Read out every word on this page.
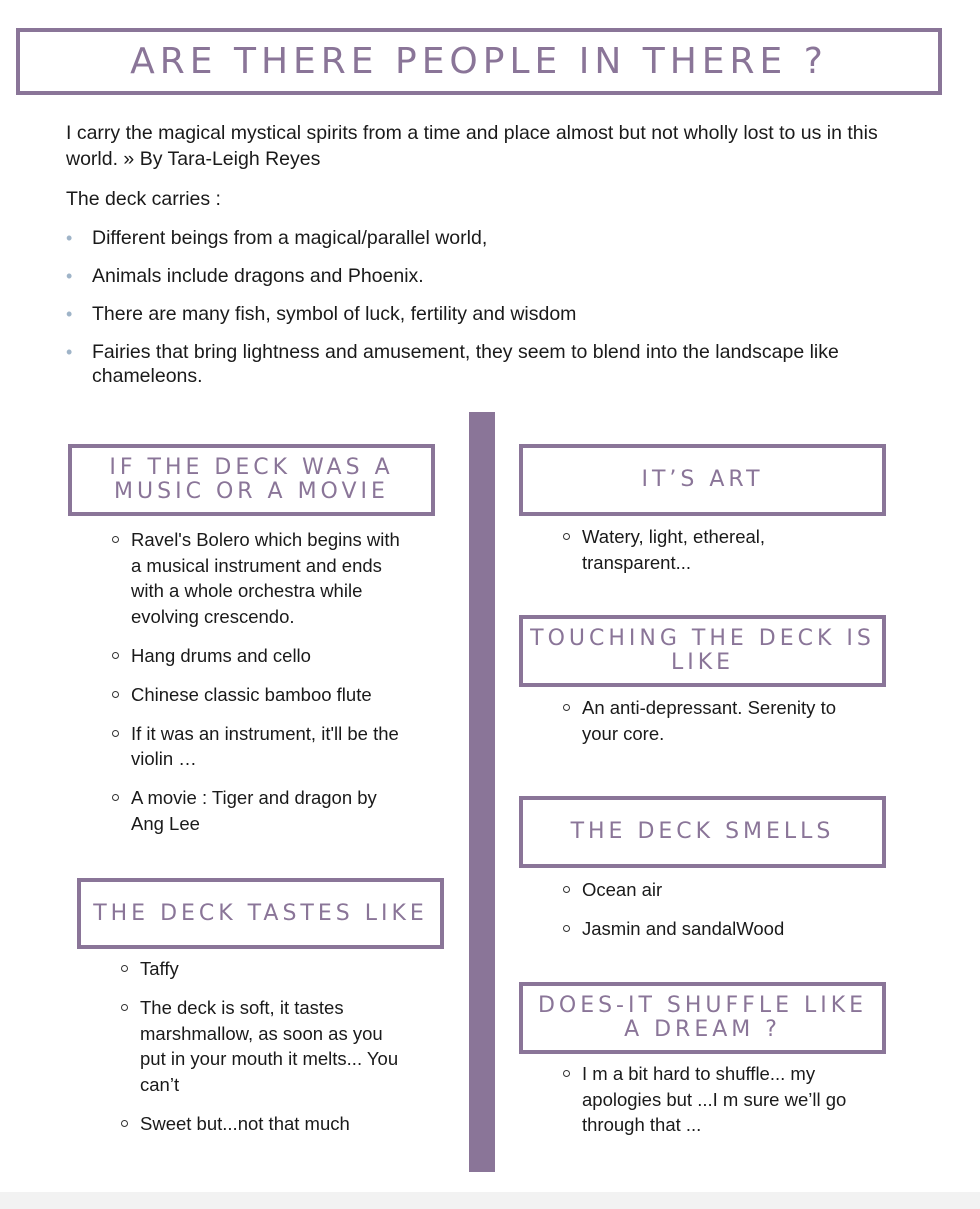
ARE THERE PEOPLE IN THERE ?

I carry the magical mystical spirits from a time and place almost but not wholly lost to us in this world. » By Tara-Leigh Reyes

The deck carries :

• Different beings from a magical/parallel world,
• Animals include dragons and Phoenix.
• There are many fish, symbol of luck, fertility and wisdom
• Fairies that bring lightness and amusement, they seem to blend into the landscape like chameleons.
IF THE DECK WAS A MUSIC OR A MOVIE
Ravel's Bolero which begins with a musical instrument and ends with a whole orchestra while evolving crescendo.
Hang drums and cello
Chinese classic bamboo flute
If it was an instrument, it'll be the violin …
A movie : Tiger and dragon by Ang Lee
THE DECK TASTES LIKE
Taffy
The deck is soft, it tastes marshmallow, as soon as you put in your mouth it melts... You can’t
Sweet but...not that much
IT’S ART
Watery, light, ethereal, transparent...
TOUCHING THE DECK IS LIKE
An anti-depressant. Serenity to your core.
THE DECK SMELLS
Ocean air
Jasmin and sandalWood
DOES-IT SHUFFLE LIKE A DREAM ?
I m a bit hard to shuffle... my apologies but ...I m sure we’ll go through that ...
